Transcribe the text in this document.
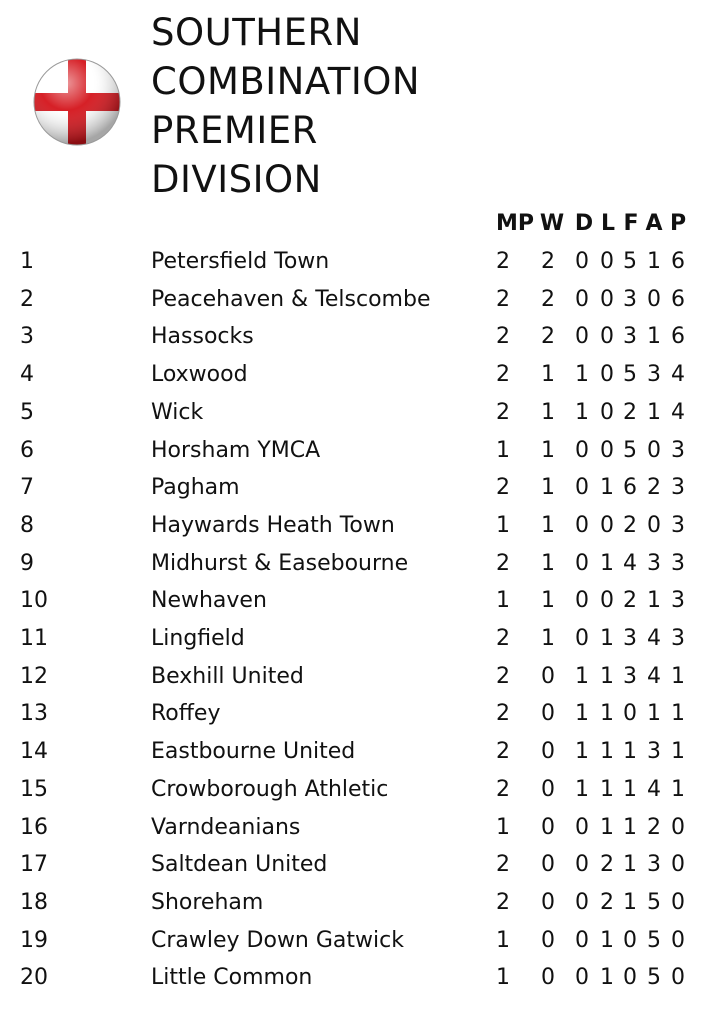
SOUTHERN
COMBINATION
PREMIER
DIVISION
MP W D L F A P
1	Petersfield Town	2 2 0 0 5 1 6
2	Peacehaven & Telscombe	2 2 0 0 3 0 6
3	Hassocks	2 2 0 0 3 1 6
4	Loxwood	2 1 1 0 5 3 4
5	Wick	2 1 1 0 2 1 4
6	Horsham YMCA	1 1 0 0 5 0 3
7	Pagham	2 1 0 1 6 2 3
8	Haywards Heath Town	1 1 0 0 2 0 3
9	Midhurst & Easebourne	2 1 0 1 4 3 3
10	Newhaven	1 1 0 0 2 1 3
11	Lingfield	2 1 0 1 3 4 3
12	Bexhill United	2 0 1 1 3 4 1
13	Roffey	2 0 1 1 0 1 1
14	Eastbourne United	2 0 1 1 1 3 1
15	Crowborough Athletic	2 0 1 1 1 4 1
16	Varndeanians	1 0 0 1 1 2 0
17	Saltdean United	2 0 0 2 1 3 0
18	Shoreham	2 0 0 2 1 5 0
19	Crawley Down Gatwick	1 0 0 1 0 5 0
20	Little Common	1 0 0 1 0 5 0
